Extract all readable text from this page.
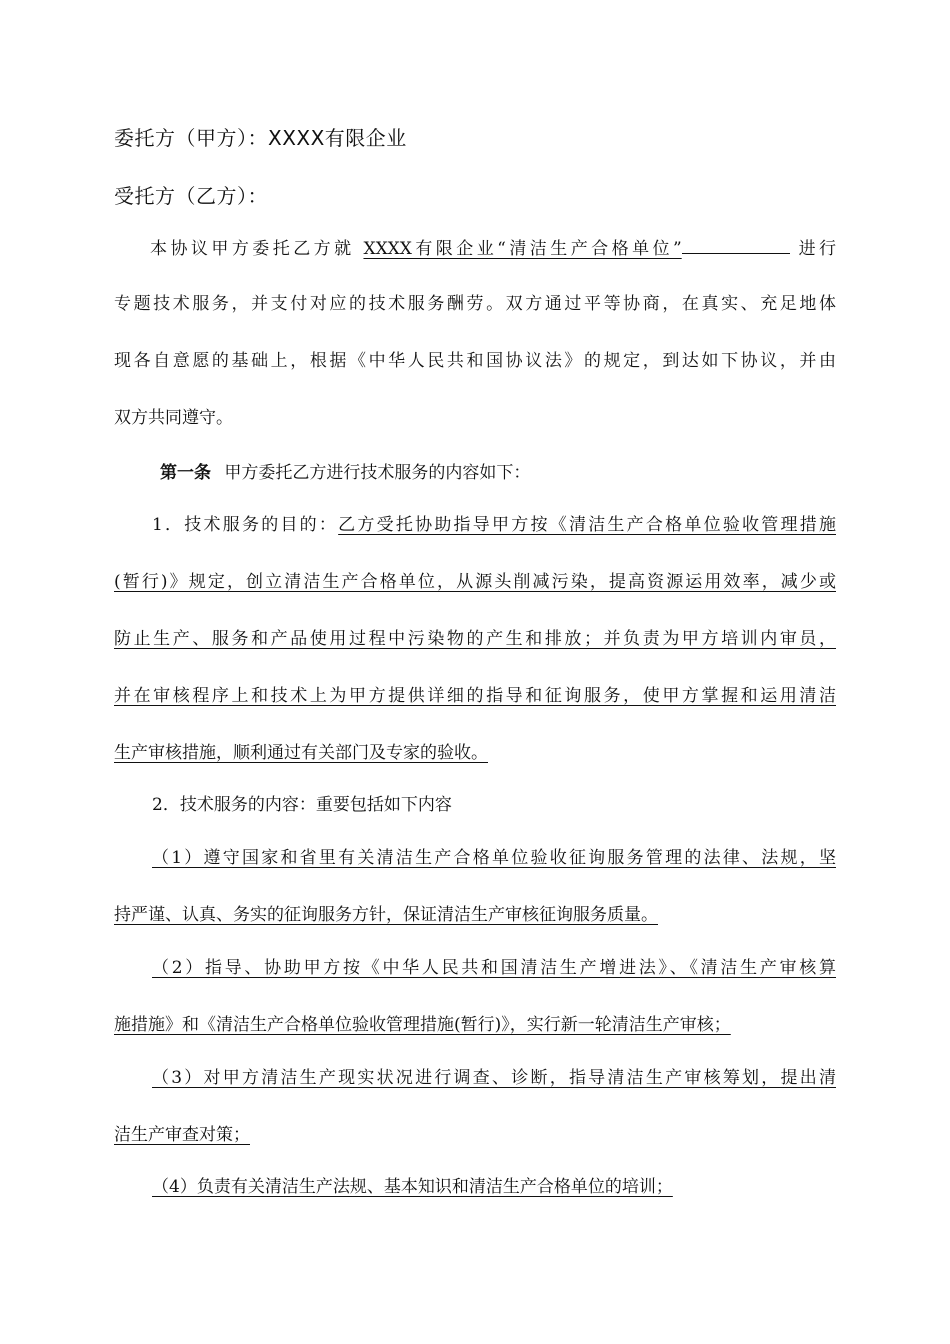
委托方（甲方）：XXXX有限企业
受托方（乙方）：
本协议甲方委托乙方就 XXXX有限企业“清洁生产合格单位”	进行
专题技术服务，并支付对应的技术服务酬劳。双方通过平等协商，在真实、充足地体
现各自意愿的基础上，根据《中华人民共和国协议法》的规定，到达如下协议，并由
双方共同遵守。
第一条 甲方委托乙方进行技术服务的内容如下：
1．技术服务的目的：乙方受托协助指导甲方按《清洁生产合格单位验收管理措施
(暂行)》规定，创立清洁生产合格单位，从源头削减污染，提高资源运用效率，减少或
防止生产、服务和产品使用过程中污染物的产生和排放；并负责为甲方培训内审员，
并在审核程序上和技术上为甲方提供详细的指导和征询服务，使甲方掌握和运用清洁
生产审核措施，顺利通过有关部门及专家的验收。
2．技术服务的内容：重要包括如下内容
（1）遵守国家和省里有关清洁生产合格单位验收征询服务管理的法律、法规，坚
持严谨、认真、务实的征询服务方针，保证清洁生产审核征询服务质量。
（2）指导、协助甲方按《中华人民共和国清洁生产增进法》、《清洁生产审核算
施措施》和《清洁生产合格单位验收管理措施(暂行)》，实行新一轮清洁生产审核；
（3）对甲方清洁生产现实状况进行调查、诊断，指导清洁生产审核筹划，提出清
洁生产审查对策；
（4）负责有关清洁生产法规、基本知识和清洁生产合格单位的培训；
